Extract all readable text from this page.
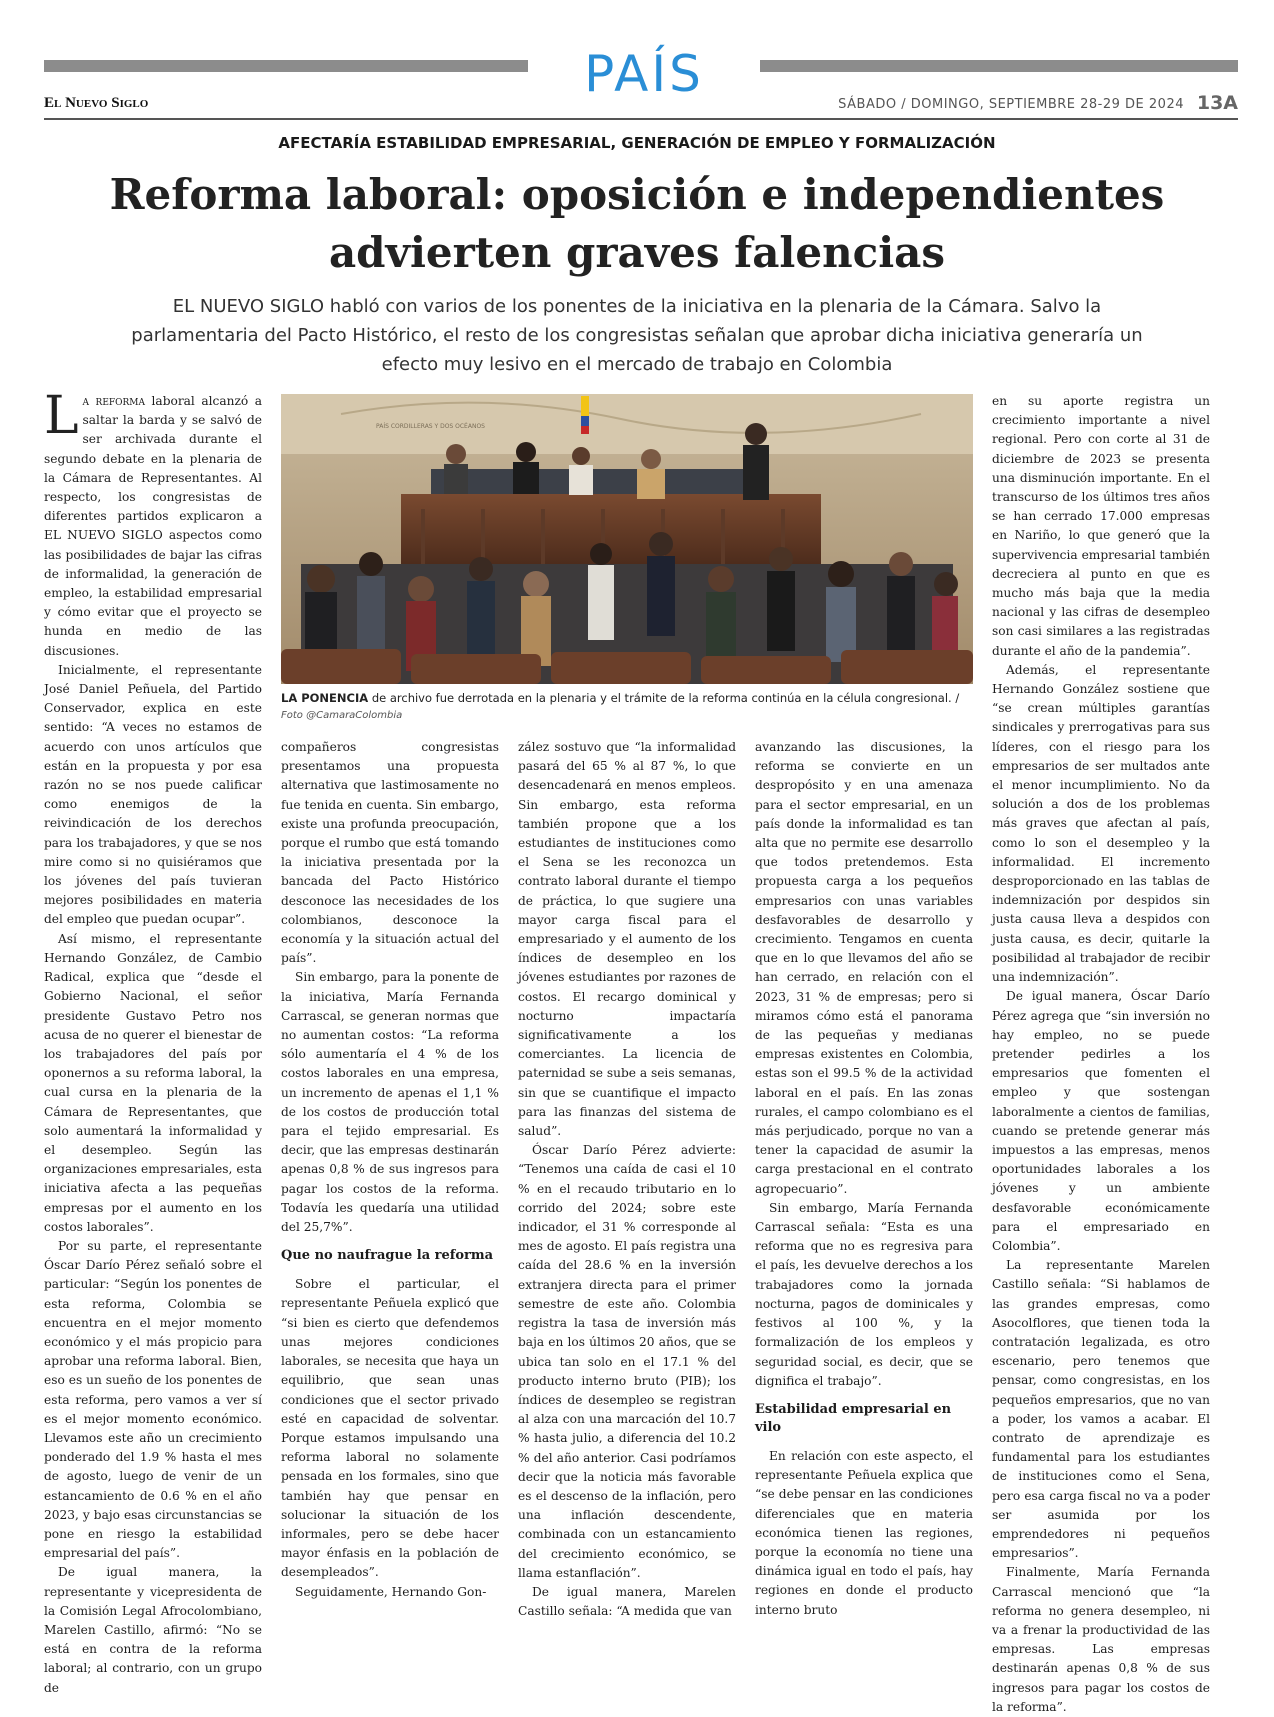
PAÍS
El Nuevo Siglo	SÁBADO / DOMINGO, SEPTIEMBRE 28-29 DE 2024 13A
AFECTARÍA ESTABILIDAD EMPRESARIAL, GENERACIÓN DE EMPLEO Y FORMALIZACIÓN
Reforma laboral: oposición e independientes advierten graves falencias

EL NUEVO SIGLO habló con varios de los ponentes de la iniciativa en la plenaria de la Cámara. Salvo la parlamentaria del Pacto Histórico, el resto de los congresistas señalan que aprobar dicha iniciativa generaría un efecto muy lesivo en el mercado de trabajo en Colombia

La reforma laboral alcanzó a saltar la barda y se salvó de ser archivada durante el segundo debate en la plenaria de la Cámara de Representantes. Al respecto, los congresistas de diferentes partidos explicaron a EL NUEVO SIGLO aspectos como las posibilidades de bajar las cifras de informalidad, la generación de empleo, la estabilidad empresarial y cómo evitar que el proyecto se hunda en medio de las discusiones.

Inicialmente, el representante José Daniel Peñuela, del Partido Conservador, explica en este sentido: “A veces no estamos de acuerdo con unos artículos que están en la propuesta y por esa razón no se nos puede calificar como enemigos de la reivindicación de los derechos para los trabajadores, y que se nos mire como si no quisiéramos que los jóvenes del país tuvieran mejores posibilidades en materia del empleo que puedan ocupar”.

Así mismo, el representante Hernando González, de Cambio Radical, explica que “desde el Gobierno Nacional, el señor presidente Gustavo Petro nos acusa de no querer el bienestar de los trabajadores del país por oponernos a su reforma laboral, la cual cursa en la plenaria de la Cámara de Representantes, que solo aumentará la informalidad y el desempleo. Según las organizaciones empresariales, esta iniciativa afecta a las pequeñas empresas por el aumento en los costos laborales”.

Por su parte, el representante Óscar Darío Pérez señaló sobre el particular: “Según los ponentes de esta reforma, Colombia se encuentra en el mejor momento económico y el más propicio para aprobar una reforma laboral. Bien, eso es un sueño de los ponentes de esta reforma, pero vamos a ver sí es el mejor momento económico. Llevamos este año un crecimiento ponderado del 1.9 % hasta el mes de agosto, luego de venir de un estancamiento de 0.6 % en el año 2023, y bajo esas circunstancias se pone en riesgo la estabilidad empresarial del país”.

De igual manera, la representante y vicepresidenta de la Comisión Legal Afrocolombiano, Marelen Castillo, afirmó: “No se está en contra de la reforma laboral; al contrario, con un grupo de

PAÍS CORDILLERAS Y DOS OCÉANOS
LA PONENCIA de archivo fue derrotada en la plenaria y el trámite de la reforma continúa en la célula congresional. /
Foto @CamaraColombia

compañeros congresistas presentamos una propuesta alternativa que lastimosamente no fue tenida en cuenta. Sin embargo, existe una profunda preocupación, porque el rumbo que está tomando la iniciativa presentada por la bancada del Pacto Histórico desconoce las necesidades de los colombianos, desconoce la economía y la situación actual del país”.

Sin embargo, para la ponente de la iniciativa, María Fernanda Carrascal, se generan normas que no aumentan costos: “La reforma sólo aumentaría el 4 % de los costos laborales en una empresa, un incremento de apenas el 1,1 % de los costos de producción total para el tejido empresarial. Es decir, que las empresas destinarán apenas 0,8 % de sus ingresos para pagar los costos de la reforma. Todavía les quedaría una utilidad del 25,7%”.

Que no naufrague la reforma

Sobre el particular, el representante Peñuela explicó que “si bien es cierto que defendemos unas mejores condiciones laborales, se necesita que haya un equilibrio, que sean unas condiciones que el sector privado esté en capacidad de solventar. Porque estamos impulsando una reforma laboral no solamente pensada en los formales, sino que también hay que pensar en solucionar la situación de los informales, pero se debe hacer mayor énfasis en la población de desempleados”.

Seguidamente, Hernando Gon-

zález sostuvo que “la informalidad pasará del 65 % al 87 %, lo que desencadenará en menos empleos. Sin embargo, esta reforma también propone que a los estudiantes de instituciones como el Sena se les reconozca un contrato laboral durante el tiempo de práctica, lo que sugiere una mayor carga fiscal para el empresariado y el aumento de los índices de desempleo en los jóvenes estudiantes por razones de costos. El recargo dominical y nocturno impactaría significativamente a los comerciantes. La licencia de paternidad se sube a seis semanas, sin que se cuantifique el impacto para las finanzas del sistema de salud”.

Óscar Darío Pérez advierte: “Tenemos una caída de casi el 10 % en el recaudo tributario en lo corrido del 2024; sobre este indicador, el 31 % corresponde al mes de agosto. El país registra una caída del 28.6 % en la inversión extranjera directa para el primer semestre de este año. Colombia registra la tasa de inversión más baja en los últimos 20 años, que se ubica tan solo en el 17.1 % del producto interno bruto (PIB); los índices de desempleo se registran al alza con una marcación del 10.7 % hasta julio, a diferencia del 10.2 % del año anterior. Casi podríamos decir que la noticia más favorable es el descenso de la inflación, pero una inflación descendente, combinada con un estancamiento del crecimiento económico, se llama estanflación”.

De igual manera, Marelen Castillo señala: “A medida que van

avanzando las discusiones, la reforma se convierte en un despropósito y en una amenaza para el sector empresarial, en un país donde la informalidad es tan alta que no permite ese desarrollo que todos pretendemos. Esta propuesta carga a los pequeños empresarios con unas variables desfavorables de desarrollo y crecimiento. Tengamos en cuenta que en lo que llevamos del año se han cerrado, en relación con el 2023, 31 % de empresas; pero si miramos cómo está el panorama de las pequeñas y medianas empresas existentes en Colombia, estas son el 99.5 % de la actividad laboral en el país. En las zonas rurales, el campo colombiano es el más perjudicado, porque no van a tener la capacidad de asumir la carga prestacional en el contrato agropecuario”.

Sin embargo, María Fernanda Carrascal señala: “Esta es una reforma que no es regresiva para el país, les devuelve derechos a los trabajadores como la jornada nocturna, pagos de dominicales y festivos al 100 %, y la formalización de los empleos y seguridad social, es decir, que se dignifica el trabajo”.

Estabilidad empresarial en vilo

En relación con este aspecto, el representante Peñuela explica que “se debe pensar en las condiciones diferenciales que en materia económica tienen las regiones, porque la economía no tiene una dinámica igual en todo el país, hay regiones en donde el producto interno bruto

en su aporte registra un crecimiento importante a nivel regional. Pero con corte al 31 de diciembre de 2023 se presenta una disminución importante. En el transcurso de los últimos tres años se han cerrado 17.000 empresas en Nariño, lo que generó que la supervivencia empresarial también decreciera al punto en que es mucho más baja que la media nacional y las cifras de desempleo son casi similares a las registradas durante el año de la pandemia”.

Además, el representante Hernando González sostiene que “se crean múltiples garantías sindicales y prerrogativas para sus líderes, con el riesgo para los empresarios de ser multados ante el menor incumplimiento. No da solución a dos de los problemas más graves que afectan al país, como lo son el desempleo y la informalidad. El incremento desproporcionado en las tablas de indemnización por despidos sin justa causa lleva a despidos con justa causa, es decir, quitarle la posibilidad al trabajador de recibir una indemnización”.

De igual manera, Óscar Darío Pérez agrega que “sin inversión no hay empleo, no se puede pretender pedirles a los empresarios que fomenten el empleo y que sostengan laboralmente a cientos de familias, cuando se pretende generar más impuestos a las empresas, menos oportunidades laborales a los jóvenes y un ambiente desfavorable económicamente para el empresariado en Colombia”.

La representante Marelen Castillo señala: “Si hablamos de las grandes empresas, como Asocolflores, que tienen toda la contratación legalizada, es otro escenario, pero tenemos que pensar, como congresistas, en los pequeños empresarios, que no van a poder, los vamos a acabar. El contrato de aprendizaje es fundamental para los estudiantes de instituciones como el Sena, pero esa carga fiscal no va a poder ser asumida por los emprendedores ni pequeños empresarios”.

Finalmente, María Fernanda Carrascal mencionó que “la reforma no genera desempleo, ni va a frenar la productividad de las empresas. Las empresas destinarán apenas 0,8 % de sus ingresos para pagar los costos de la reforma”.
